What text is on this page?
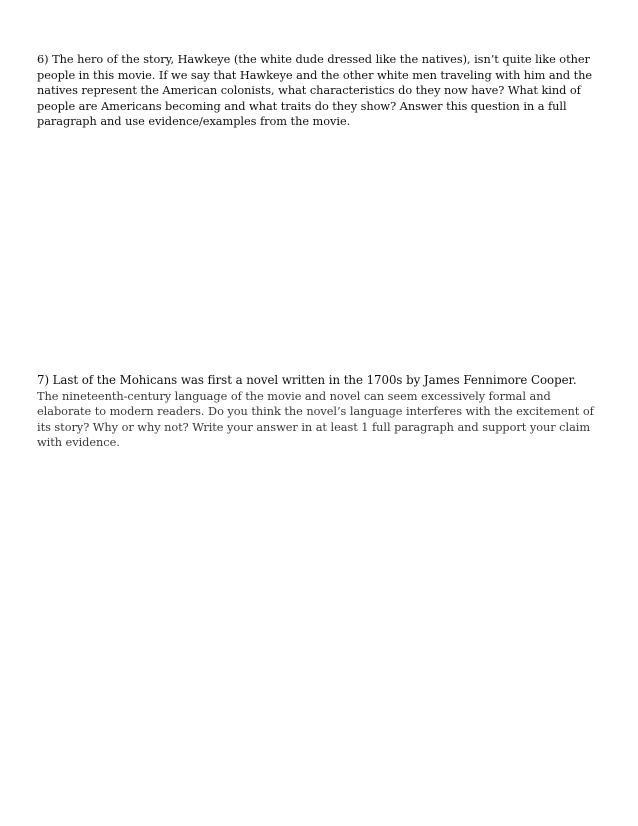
6) The hero of the story, Hawkeye (the white dude dressed like the natives), isn’t quite like other people in this movie. If we say that Hawkeye and the other white men traveling with him and the natives represent the American colonists, what characteristics do they now have? What kind of people are Americans becoming and what traits do they show? Answer this question in a full paragraph and use evidence/examples from the movie.

7) Last of the Mohicans was first a novel written in the 1700s by James Fennimore Cooper. The nineteenth-century language of the movie and novel can seem excessively formal and elaborate to modern readers. Do you think the novel’s language interferes with the excitement of its story? Why or why not? Write your answer in at least 1 full paragraph and support your claim with evidence.
